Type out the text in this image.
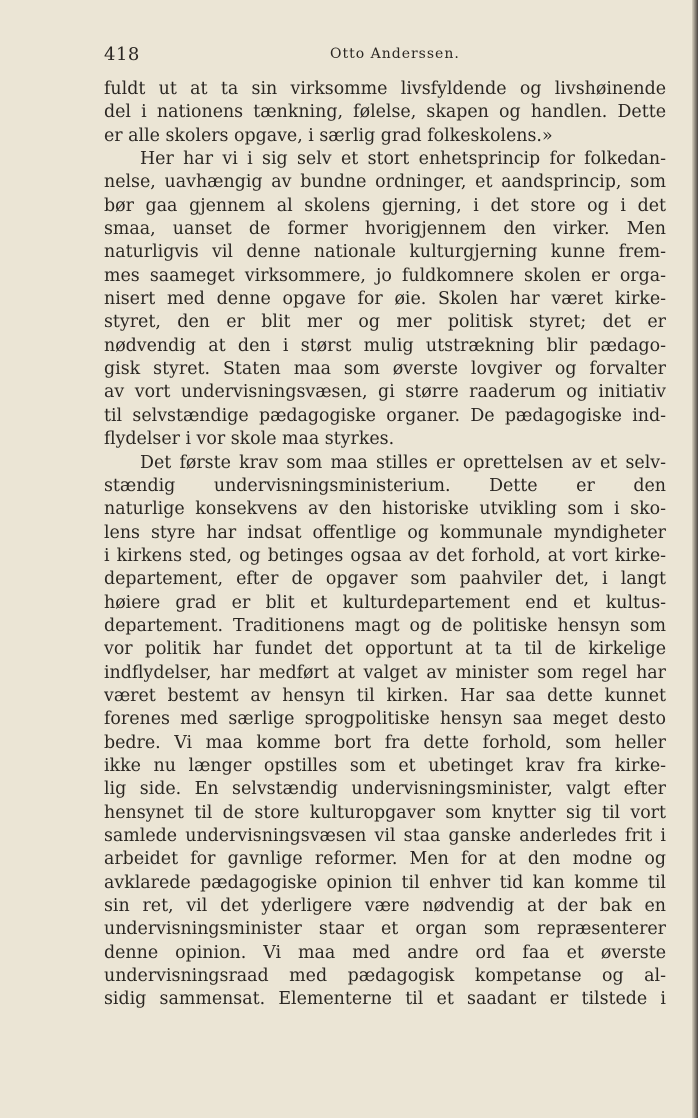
418	Otto Anderssen.
fuldt ut at ta sin virksomme livsfyldende og livshøinende
del i nationens tænkning, følelse, skapen og handlen. Dette
er alle skolers opgave, i særlig grad folkeskolens.»
Her har vi i sig selv et stort enhetsprincip for folkedan-
nelse, uavhængig av bundne ordninger, et aandsprincip, som
bør gaa gjennem al skolens gjerning, i det store og i det
smaa, uanset de former hvorigjennem den virker. Men
naturligvis vil denne nationale kulturgjerning kunne frem-
mes saameget virksommere, jo fuldkomnere skolen er orga-
nisert med denne opgave for øie. Skolen har været kirke-
styret, den er blit mer og mer politisk styret; det er
nødvendig at den i størst mulig utstrækning blir pædago-
gisk styret. Staten maa som øverste lovgiver og forvalter
av vort undervisningsvæsen, gi større raaderum og initiativ
til selvstændige pædagogiske organer. De pædagogiske ind-
flydelser i vor skole maa styrkes.
Det første krav som maa stilles er oprettelsen av et selv-
stændig undervisningsministerium. Dette er den
naturlige konsekvens av den historiske utvikling som i sko-
lens styre har indsat offentlige og kommunale myndigheter
i kirkens sted, og betinges ogsaa av det forhold, at vort kirke-
departement, efter de opgaver som paahviler det, i langt
høiere grad er blit et kulturdepartement end et kultus-
departement. Traditionens magt og de politiske hensyn som
vor politik har fundet det opportunt at ta til de kirkelige
indflydelser, har medført at valget av minister som regel har
været bestemt av hensyn til kirken. Har saa dette kunnet
forenes med særlige sprogpolitiske hensyn saa meget desto
bedre. Vi maa komme bort fra dette forhold, som heller
ikke nu længer opstilles som et ubetinget krav fra kirke-
lig side. En selvstændig undervisningsminister, valgt efter
hensynet til de store kulturopgaver som knytter sig til vort
samlede undervisningsvæsen vil staa ganske anderledes frit i
arbeidet for gavnlige reformer. Men for at den modne og
avklarede pædagogiske opinion til enhver tid kan komme til
sin ret, vil det yderligere være nødvendig at der bak en
undervisningsminister staar et organ som repræsenterer
denne opinion. Vi maa med andre ord faa et øverste
undervisningsraad med pædagogisk kompetanse og al-
sidig sammensat. Elementerne til et saadant er tilstede i
